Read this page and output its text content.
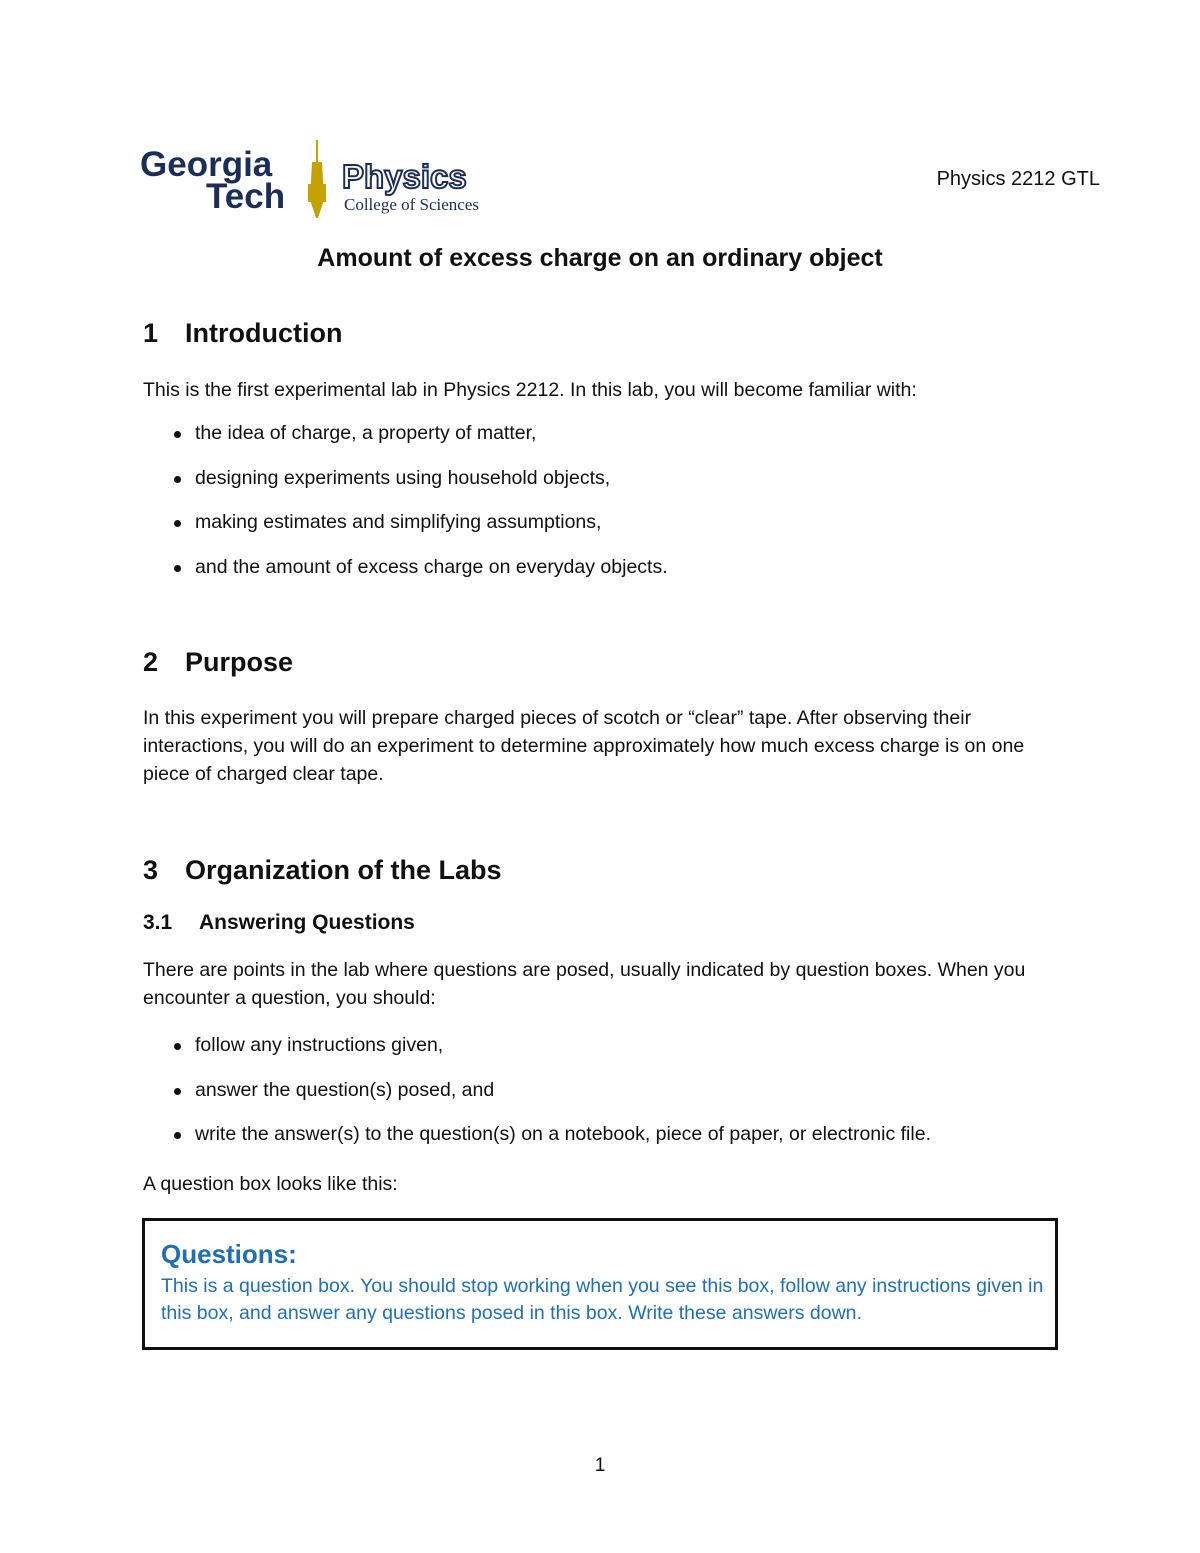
Georgia
Tech
Physics
College of Sciences
Physics 2212 GTL
Amount of excess charge on an ordinary object
1 Introduction
This is the first experimental lab in Physics 2212. In this lab, you will become familiar with:
the idea of charge, a property of matter,
designing experiments using household objects,
making estimates and simplifying assumptions,
and the amount of excess charge on everyday objects.
2 Purpose
In this experiment you will prepare charged pieces of scotch or “clear” tape. After observing their interactions, you will do an experiment to determine approximately how much excess charge is on one piece of charged clear tape.
3 Organization of the Labs
3.1 Answering Questions
There are points in the lab where questions are posed, usually indicated by question boxes. When you encounter a question, you should:
follow any instructions given,
answer the question(s) posed, and
write the answer(s) to the question(s) on a notebook, piece of paper, or electronic file.
A question box looks like this:
Questions:
This is a question box. You should stop working when you see this box, follow any instructions given in this box, and answer any questions posed in this box. Write these answers down.
1
